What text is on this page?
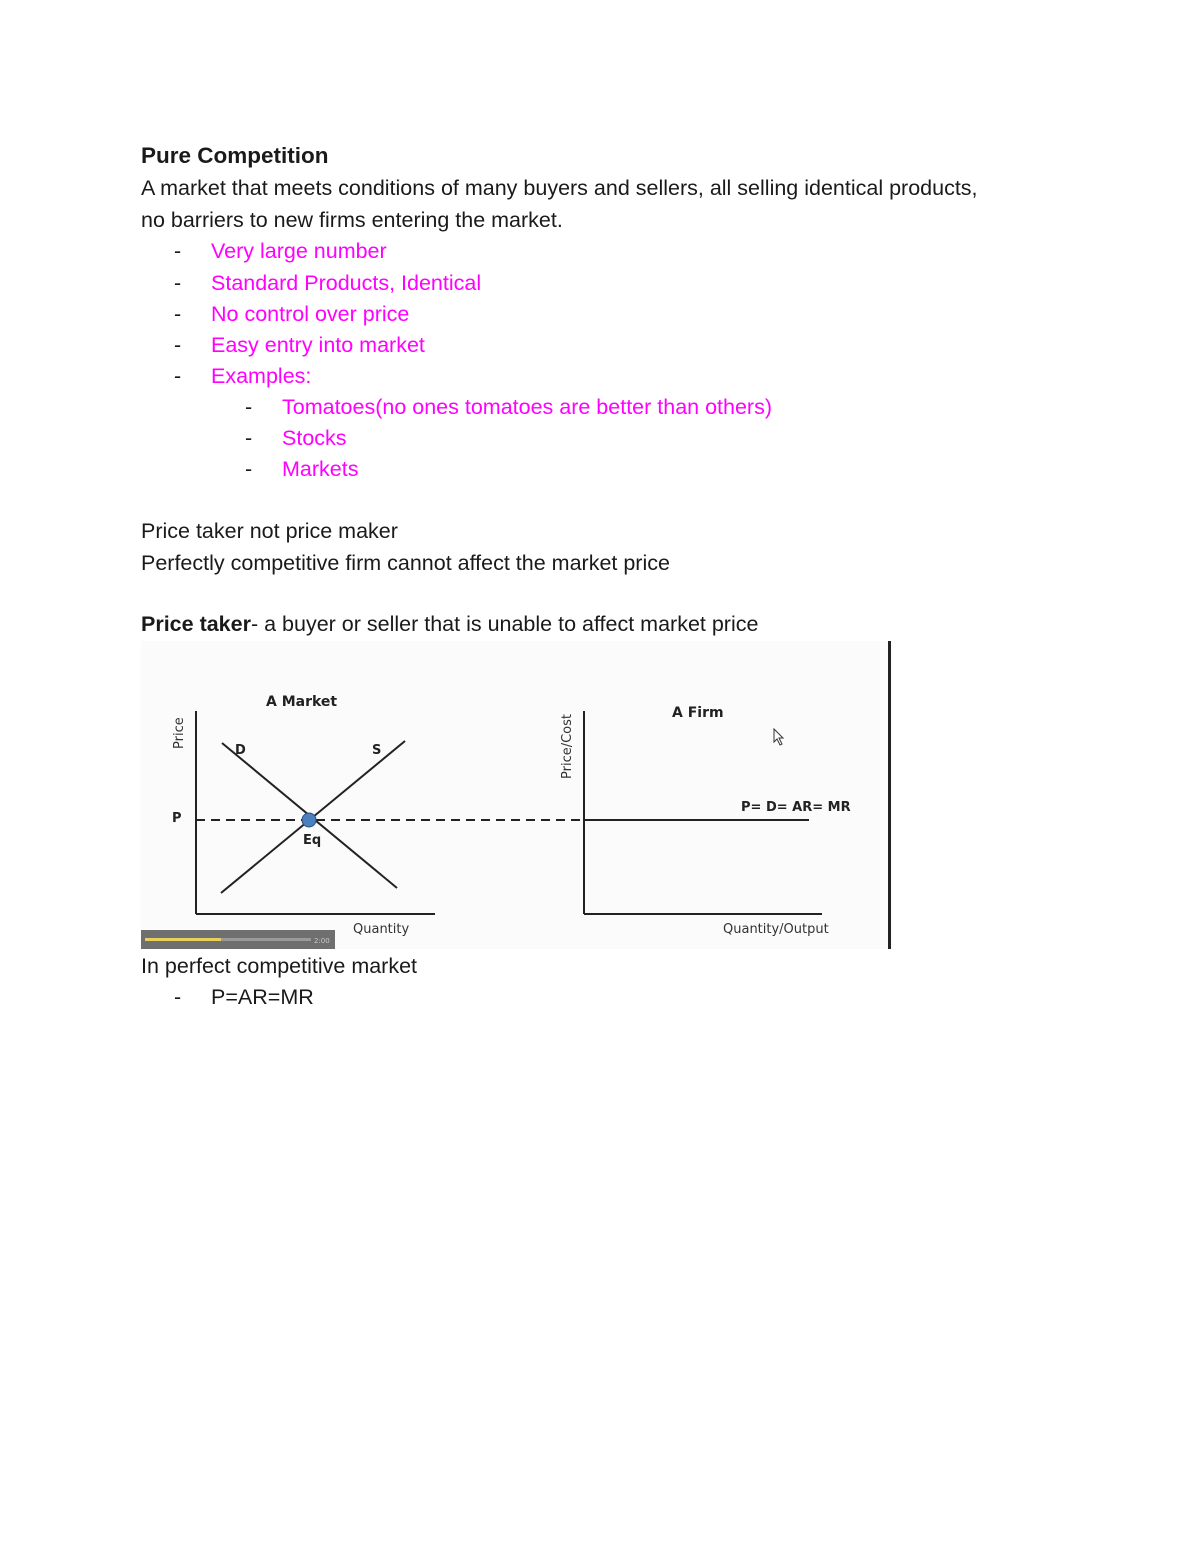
Pure Competition
A market that meets conditions of many buyers and sellers, all selling identical products,
no barriers to new firms entering the market.
- Very large number
- Standard Products, Identical
- No control over price
- Easy entry into market
- Examples:
- Tomatoes(no ones tomatoes are better than others)
- Stocks
- Markets
Price taker not price maker
Perfectly competitive firm cannot affect the market price
Price taker- a buyer or seller that is unable to affect market price
A Market
Price
Quantity
D	S
P
Eq
2:00
A Firm
Price/Cost
Quantity/Output
P= D= AR= MR
In perfect competitive market
- P=AR=MR
